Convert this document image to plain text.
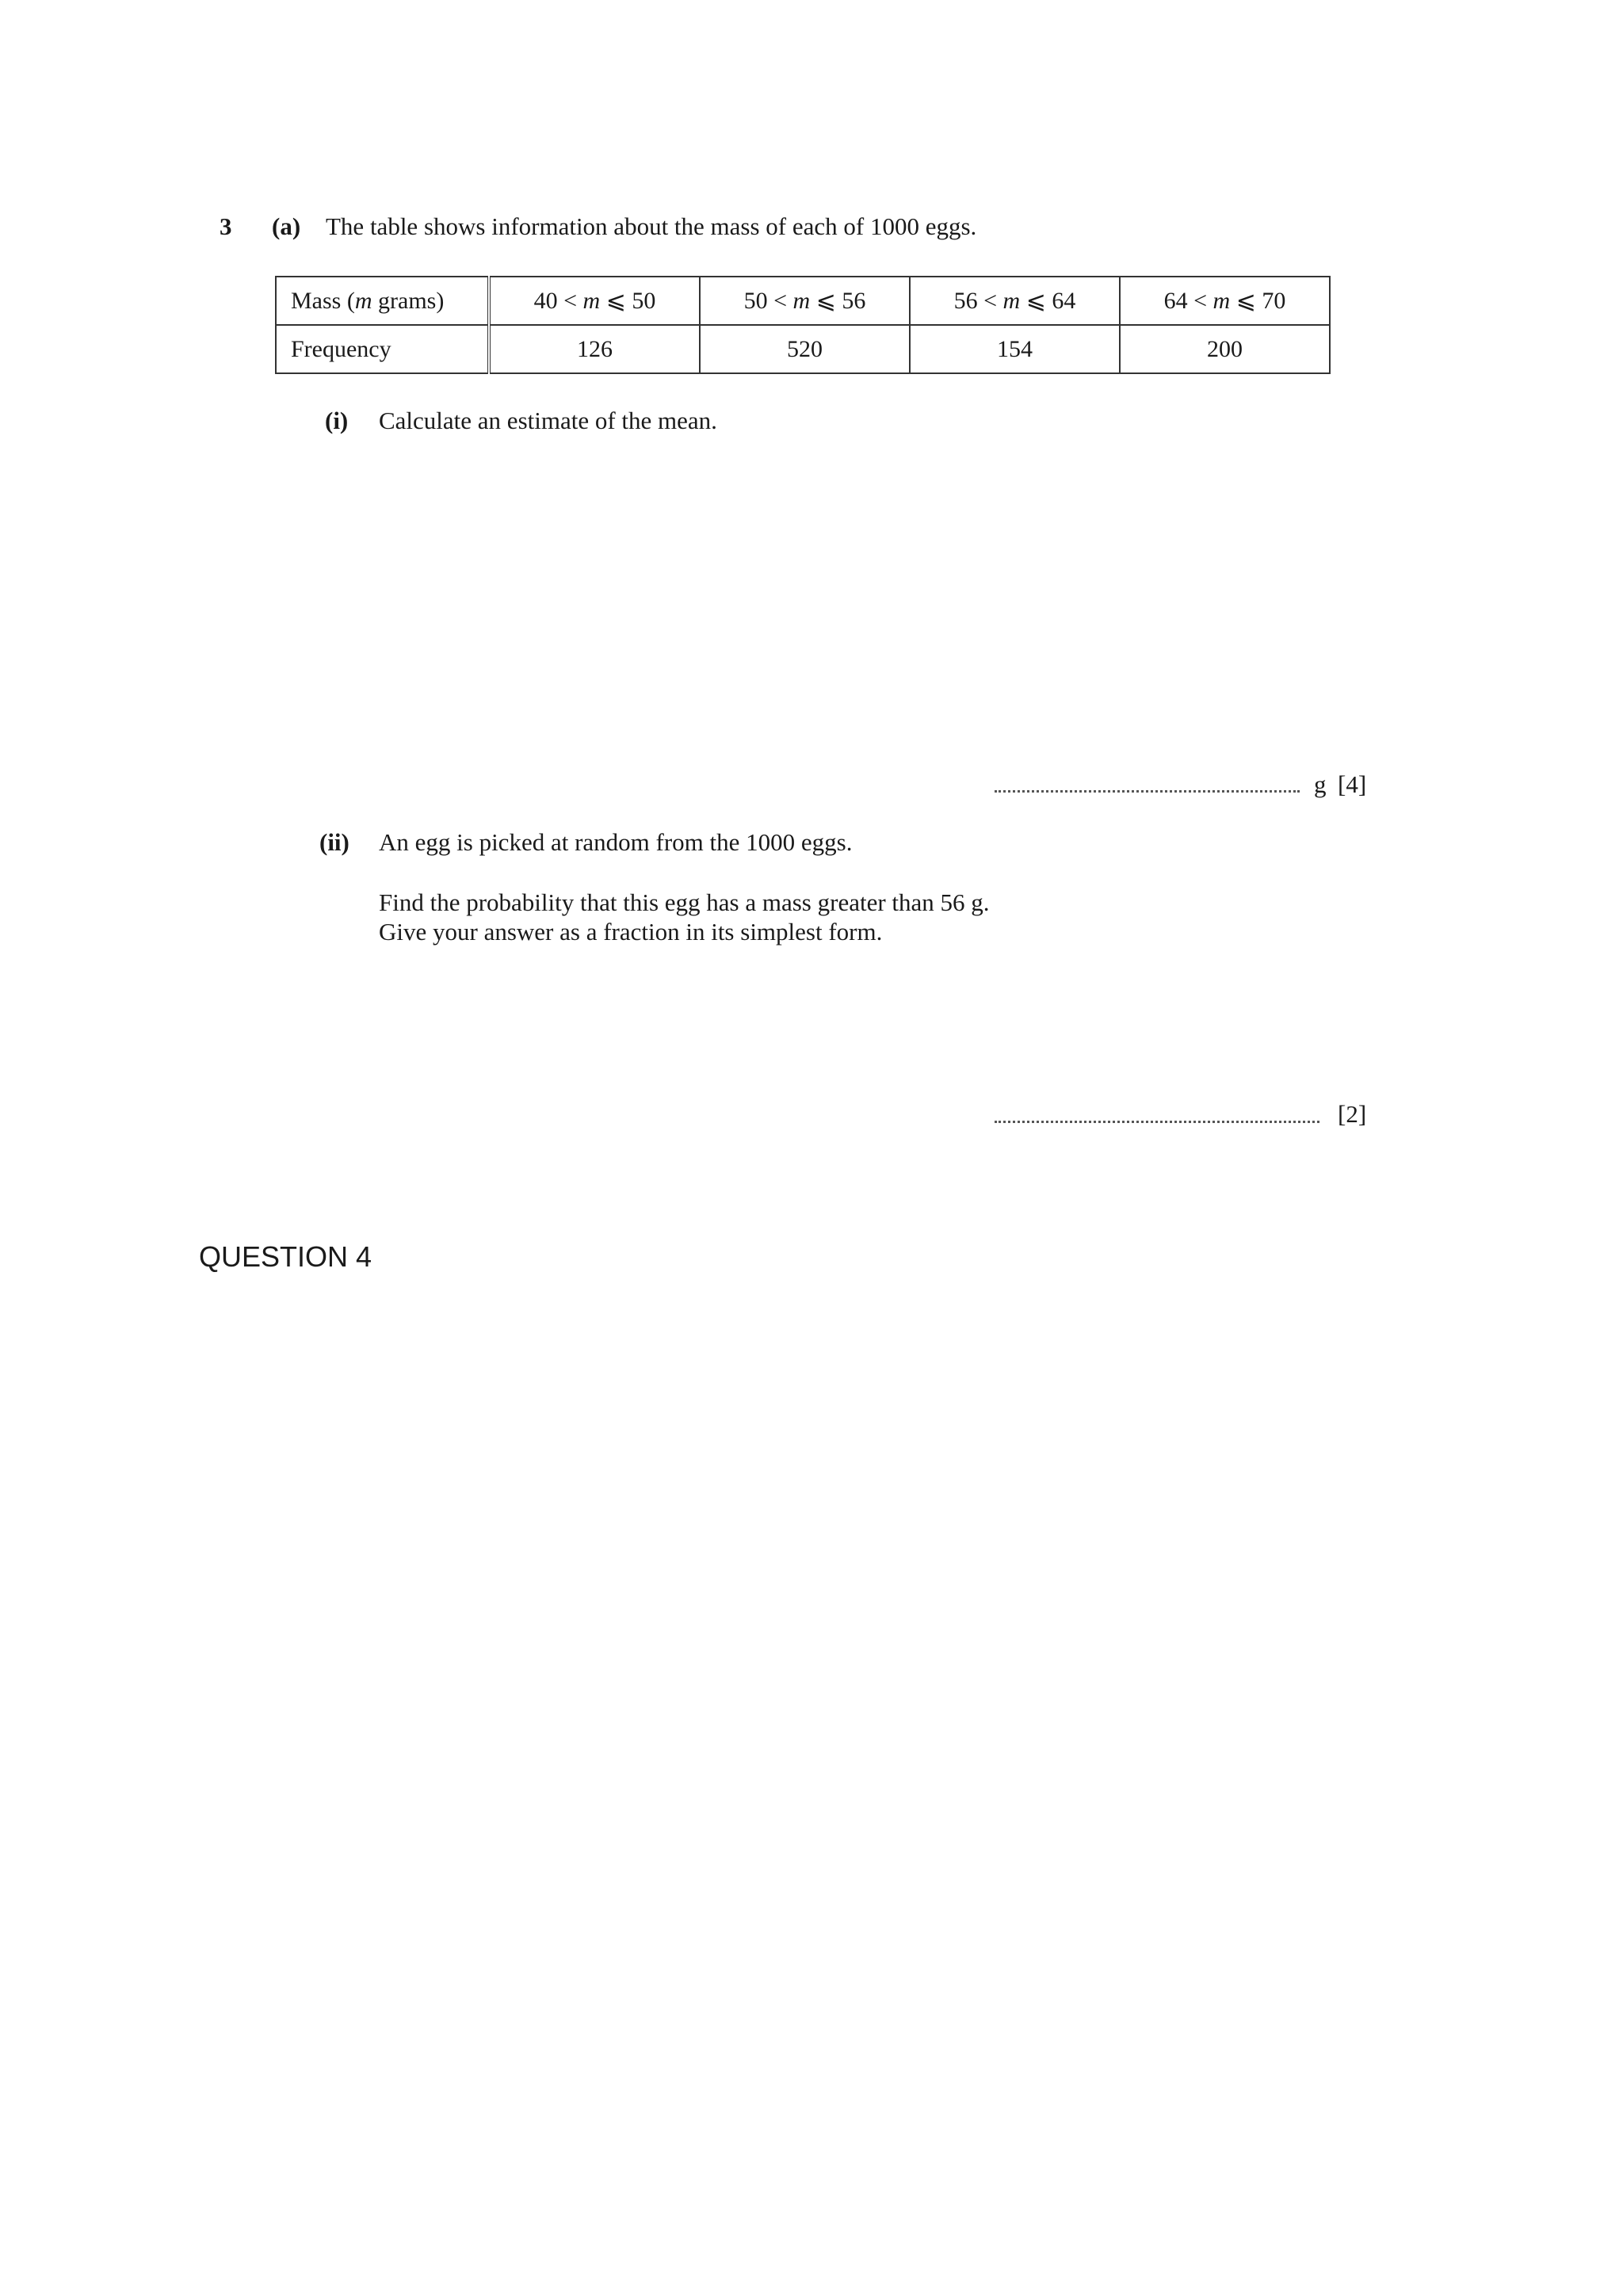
3 (a) The table shows information about the mass of each of 1000 eggs.
Mass (m grams)	40 < m ⩽ 50	50 < m ⩽ 56	56 < m ⩽ 64	64 < m ⩽ 70
Frequency	126	520	154	200
(i) Calculate an estimate of the mean.
g [4]
(ii) An egg is picked at random from the 1000 eggs.
Find the probability that this egg has a mass greater than 56 g.
Give your answer as a fraction in its simplest form.
[2]
QUESTION 4
